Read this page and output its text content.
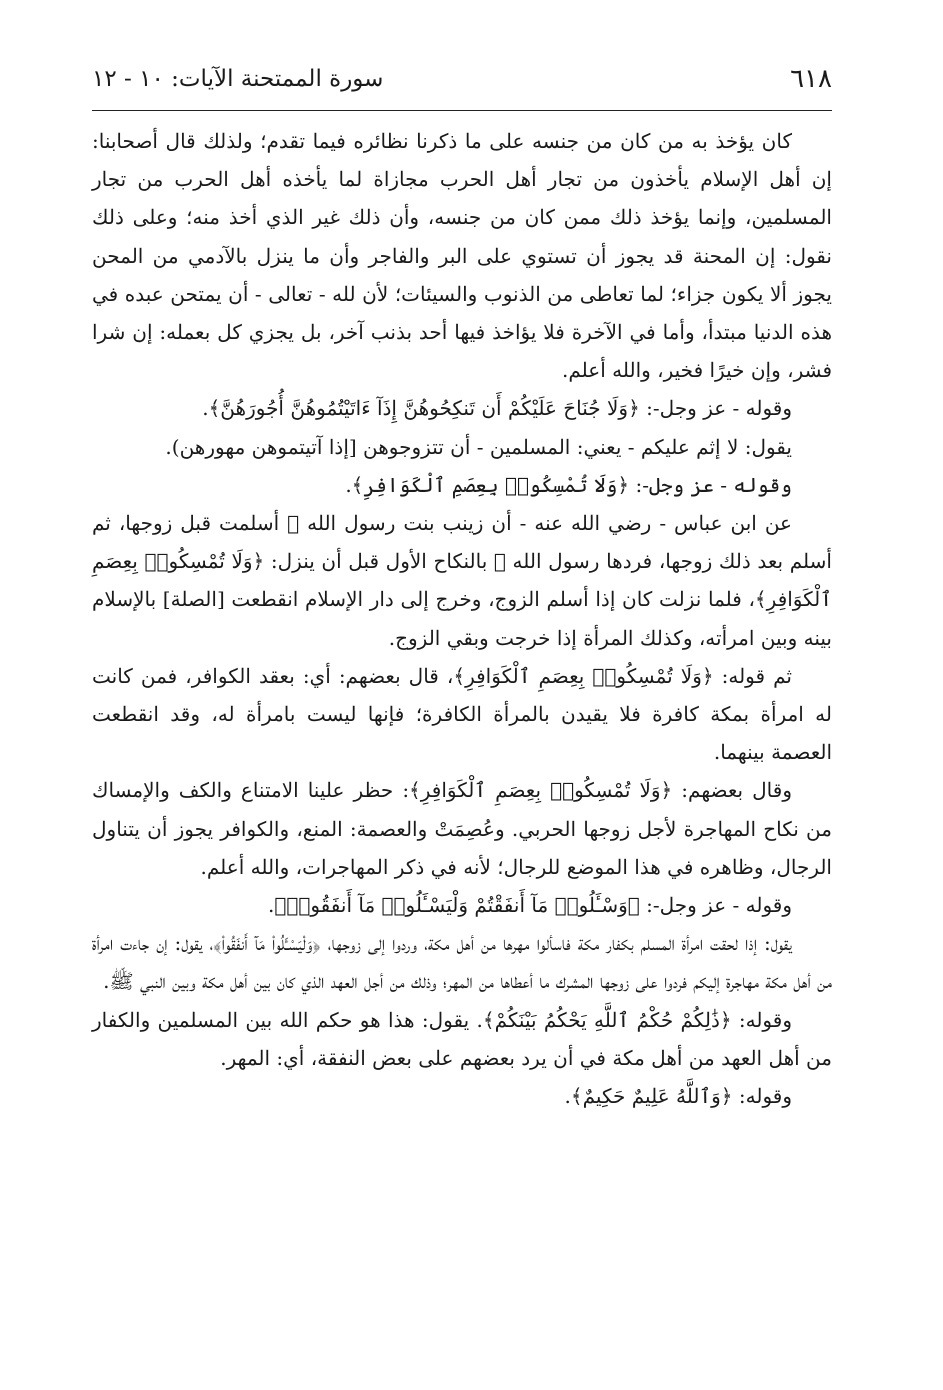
٦١٨
سورة الممتحنة الآيات: ١٠ - ١٢

كان يؤخذ به من كان من جنسه على ما ذكرنا نظائره فيما تقدم؛ ولذلك قال أصحابنا: إن أهل الإسلام يأخذون من تجار أهل الحرب مجازاة لما يأخذه أهل الحرب من تجار المسلمين، وإنما يؤخذ ذلك ممن كان من جنسه، وأن ذلك غير الذي أخذ منه؛ وعلى ذلك نقول: إن المحنة قد يجوز أن تستوي على البر والفاجر وأن ما ينزل بالآدمي من المحن يجوز ألا يكون جزاء؛ لما تعاطى من الذنوب والسيئات؛ لأن لله - تعالى - أن يمتحن عبده في هذه الدنيا مبتدأ، وأما في الآخرة فلا يؤاخذ فيها أحد بذنب آخر، بل يجزي كل بعمله: إن شرا فشر، وإن خيرًا فخير، والله أعلم.

وقوله - عز وجل-: ﴿وَلَا جُنَاحَ عَلَيْكُمْ أَن تَنكِحُوهُنَّ إِذَآ ءَاتَيْتُمُوهُنَّ أُجُورَهُنَّ﴾.

يقول: لا إثم عليكم - يعني: المسلمين - أن تتزوجوهن [إذا آتيتموهن مهورهن).

وقوله - عز وجل-: ﴿وَلَا تُمْسِكُوا۟ بِعِصَمِ ٱلْكَوَافِرِ﴾.

عن ابن عباس - رضي الله عنه - أن زينب بنت رسول الله ﷺ أسلمت قبل زوجها، ثم أسلم بعد ذلك زوجها، فردها رسول الله ﷺ بالنكاح الأول قبل أن ينزل: ﴿وَلَا تُمْسِكُوا۟ بِعِصَمِ ٱلْكَوَافِرِ﴾، فلما نزلت كان إذا أسلم الزوج، وخرج إلى دار الإسلام انقطعت [الصلة] بالإسلام بينه وبين امرأته، وكذلك المرأة إذا خرجت وبقي الزوج.

ثم قوله: ﴿وَلَا تُمْسِكُوا۟ بِعِصَمِ ٱلْكَوَافِرِ﴾، قال بعضهم: أي: بعقد الكوافر، فمن كانت له امرأة بمكة كافرة فلا يقيدن بالمرأة الكافرة؛ فإنها ليست بامرأة له، وقد انقطعت العصمة بينهما.

وقال بعضهم: ﴿وَلَا تُمْسِكُوا۟ بِعِصَمِ ٱلْكَوَافِرِ﴾: حظر علينا الامتناع والكف والإمساك من نكاح المهاجرة لأجل زوجها الحربي. وعُصِمَتْ والعصمة: المنع، والكوافر يجوز أن يتناول الرجال، وظاهره في هذا الموضع للرجال؛ لأنه في ذكر المهاجرات، والله أعلم.

وقوله - عز وجل-: ﴿وَسْـَٔلُوا۟ مَآ أَنفَقْتُمْ وَلْيَسْـَٔلُوا۟ مَآ أَنفَقُوا۟﴾.

يقول: إذا لحقت امرأة المسلم بكفار مكة فاسألوا مهرها من أهل مكة، وردوا إلى زوجها، ﴿وَلْيَسْـَٔلُوا۟ مَآ أَنفَقُوا۟﴾، يقول: إن جاءت امرأة من أهل مكة مهاجرة إليكم فردوا على زوجها المشرك ما أعطاها من المهر؛ وذلك من أجل العهد الذي كان بين أهل مكة وبين النبي ﷺ.

وقوله: ﴿ذَٰلِكُمْ حُكْمُ ٱللَّهِ يَحْكُمُ بَيْنَكُمْ﴾. يقول: هذا هو حكم الله بين المسلمين والكفار من أهل العهد من أهل مكة في أن يرد بعضهم على بعض النفقة، أي: المهر.

وقوله: ﴿وَٱللَّهُ عَلِيمٌ حَكِيمٌ﴾.
